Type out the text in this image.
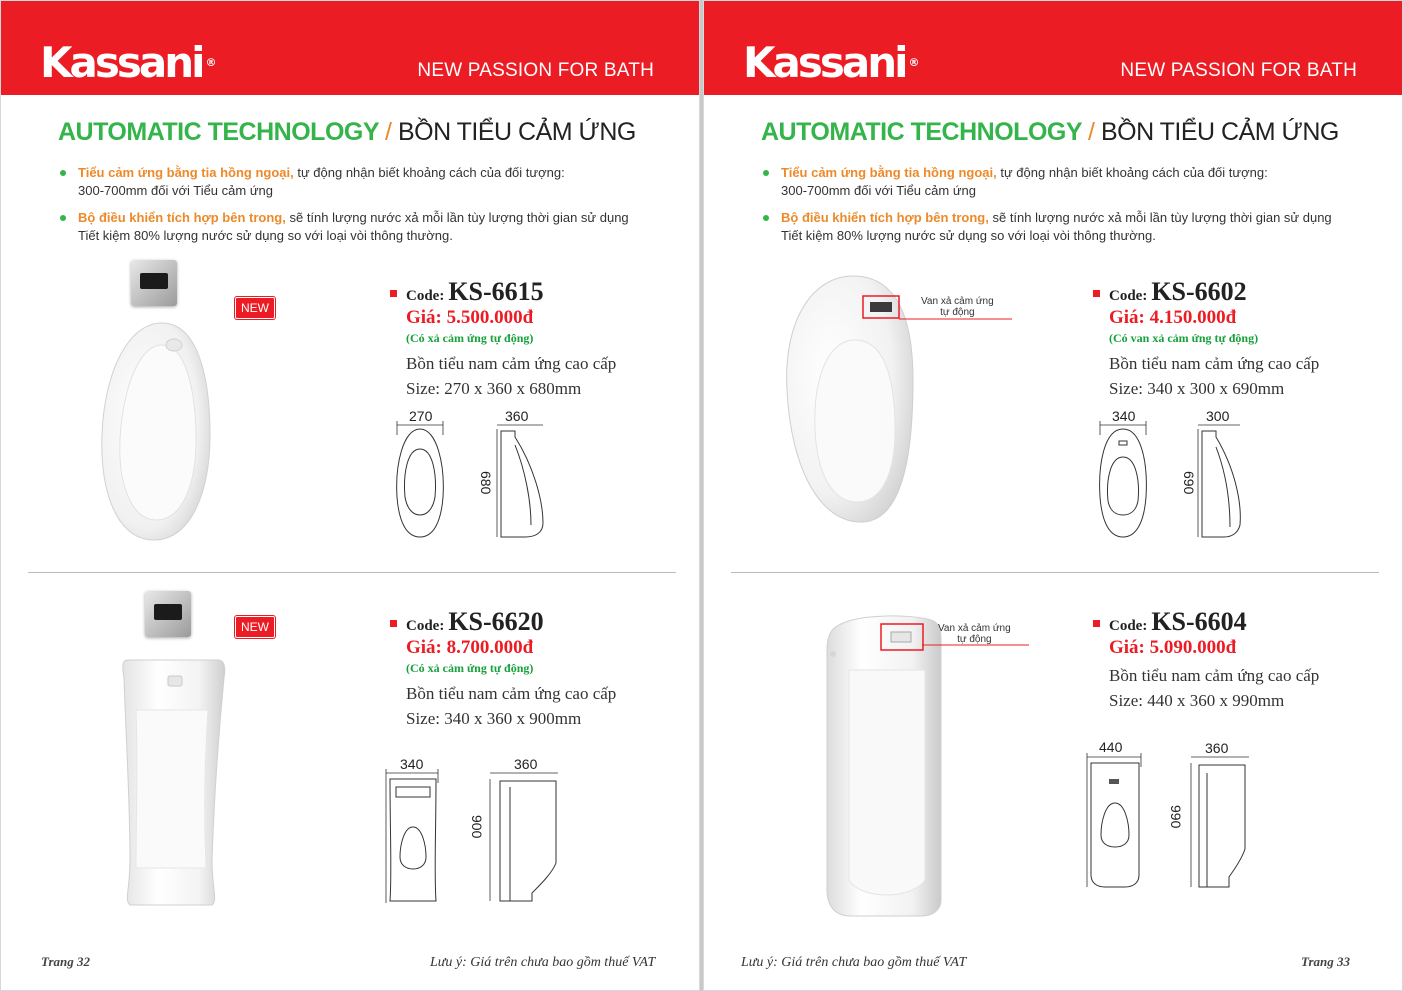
Kassani ®	NEW PASSION FOR BATH
AUTOMATIC TECHNOLOGY / BỒN TIỂU CẢM ỨNG
Tiểu cảm ứng bằng tia hồng ngoại, tự động nhận biết khoảng cách của đối tượng:
300-700mm đối với Tiểu cảm ứng
Bộ điều khiển tích hợp bên trong, sẽ tính lượng nước xả mỗi lần tùy lượng thời gian sử dụng
Tiết kiệm 80% lượng nước sử dụng so với loại vòi thông thường.
NEW
Code: KS-6615
Giá: 5.500.000đ
(Có xả cảm ứng tự động)
Bồn tiểu nam cảm ứng cao cấp
Size: 270 x 360 x 680mm
270
680
360
NEW	Code: KS-6620
Giá: 8.700.000đ
(Có xả cảm ứng tự động)
Bồn tiểu nam cảm ứng cao cấp
Size: 340 x 360 x 900mm
340
900
360
Trang 32	Lưu ý: Giá trên chưa bao gồm thuế VAT
Kassani ®	NEW PASSION FOR BATH
AUTOMATIC TECHNOLOGY / BỒN TIỂU CẢM ỨNG
Tiểu cảm ứng bằng tia hồng ngoại, tự động nhận biết khoảng cách của đối tượng:
300-700mm đối với Tiểu cảm ứng
Bộ điều khiển tích hợp bên trong, sẽ tính lượng nước xả mỗi lần tùy lượng thời gian sử dụng
Tiết kiệm 80% lượng nước sử dụng so với loại vòi thông thường.
Van xả cảm ứng
tự động
Code: KS-6602
Giá: 4.150.000đ
(Có van xả cảm ứng tự động)
Bồn tiểu nam cảm ứng cao cấp
Size: 340 x 300 x 690mm
340
690
300
Van xả cảm ứng
tự động
Code: KS-6604
Giá: 5.090.000đ
Bồn tiểu nam cảm ứng cao cấp
Size: 440 x 360 x 990mm
440
990
360
Lưu ý: Giá trên chưa bao gồm thuế VAT	Trang 33
